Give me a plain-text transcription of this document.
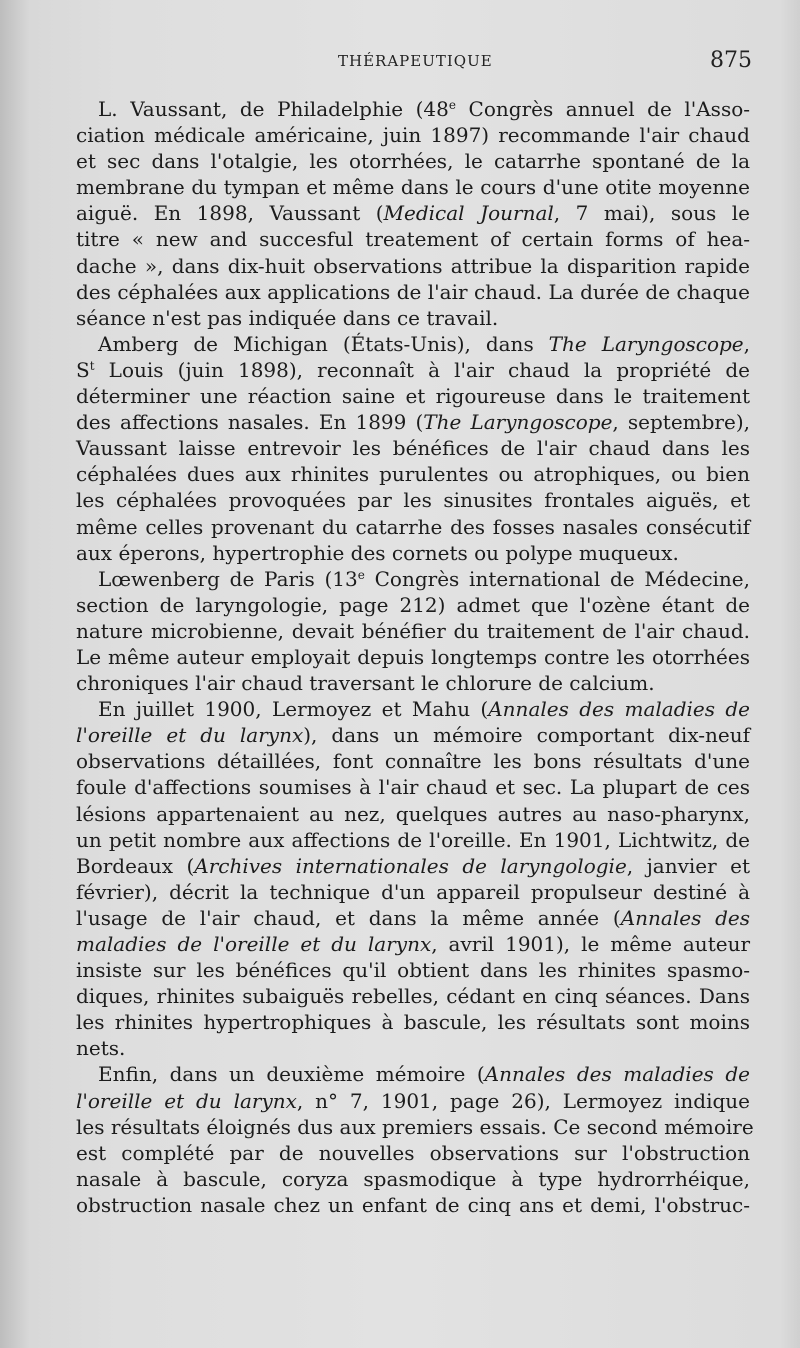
THÉRAPEUTIQUE	875
L. Vaussant, de Philadelphie (48e Congrès annuel de l'Asso-
ciation médicale américaine, juin 1897) recommande l'air chaud
et sec dans l'otalgie, les otorrhées, le catarrhe spontané de la
membrane du tympan et même dans le cours d'une otite moyenne
aiguë. En 1898, Vaussant (Medical Journal, 7 mai), sous le
titre « new and succesful treatement of certain forms of hea-
dache », dans dix-huit observations attribue la disparition rapide
des céphalées aux applications de l'air chaud. La durée de chaque
séance n'est pas indiquée dans ce travail.
Amberg de Michigan (États-Unis), dans The Laryngoscope,
$S^t$ Louis (juin 1898), reconnaît à l'air chaud la propriété de
déterminer une réaction saine et rigoureuse dans le traitement
des affections nasales. En 1899 (The Laryngoscope, septembre),
Vaussant laisse entrevoir les bénéfices de l'air chaud dans les
céphalées dues aux rhinites purulentes ou atrophiques, ou bien
les céphalées provoquées par les sinusites frontales aiguës, et
même celles provenant du catarrhe des fosses nasales consécutif
aux éperons, hypertrophie des cornets ou polype muqueux.
Lœwenberg de Paris (13e Congrès international de Médecine,
section de laryngologie, page 212) admet que l'ozène étant de
nature microbienne, devait bénéfier du traitement de l'air chaud.
Le même auteur employait depuis longtemps contre les otorrhées
chroniques l'air chaud traversant le chlorure de calcium.
En juillet 1900, Lermoyez et Mahu (Annales des maladies de
l'oreille et du larynx), dans un mémoire comportant dix-neuf
observations détaillées, font connaître les bons résultats d'une
foule d'affections soumises à l'air chaud et sec. La plupart de ces
lésions appartenaient au nez, quelques autres au naso-pharynx,
un petit nombre aux affections de l'oreille. En 1901, Lichtwitz, de
Bordeaux (Archives internationales de laryngologie, janvier et
février), décrit la technique d'un appareil propulseur destiné à
l'usage de l'air chaud, et dans la même année (Annales des
maladies de l'oreille et du larynx, avril 1901), le même auteur
insiste sur les bénéfices qu'il obtient dans les rhinites spasmo-
diques, rhinites subaiguës rebelles, cédant en cinq séances. Dans
les rhinites hypertrophiques à bascule, les résultats sont moins
nets.
Enfin, dans un deuxième mémoire (Annales des maladies de
l'oreille et du larynx, n° 7, 1901, page 26), Lermoyez indique
les résultats éloignés dus aux premiers essais. Ce second mémoire
est complété par de nouvelles observations sur l'obstruction
nasale à bascule, coryza spasmodique à type hydrorrhéique,
obstruction nasale chez un enfant de cinq ans et demi, l'obstruc-
